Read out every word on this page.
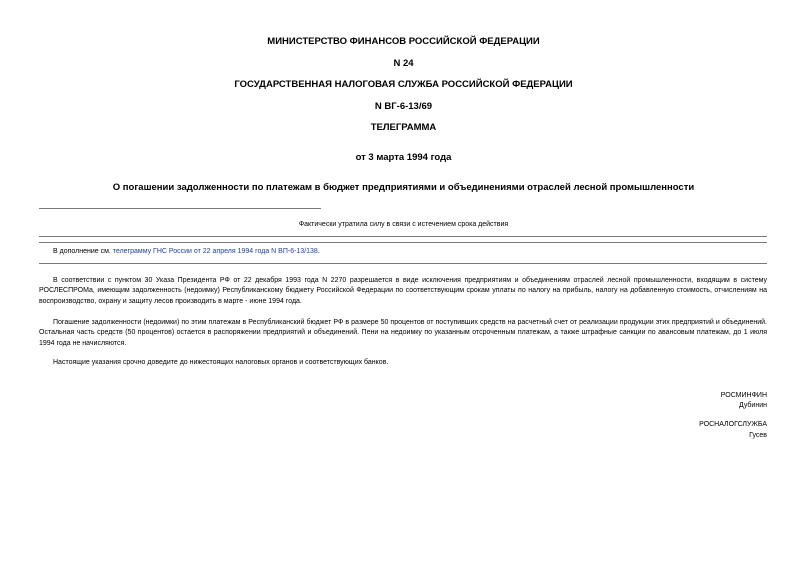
МИНИСТЕРСТВО ФИНАНСОВ РОССИЙСКОЙ ФЕДЕРАЦИИ
N 24
ГОСУДАРСТВЕННАЯ НАЛОГОВАЯ СЛУЖБА РОССИЙСКОЙ ФЕДЕРАЦИИ
N ВГ-6-13/69
ТЕЛЕГРАММА
от 3 марта 1994 года
О погашении задолженности по платежам в бюджет предприятиями и объединениями отраслей лесной промышленности
Фактически утратила силу в связи с истечением срока действия
В дополнение см. телеграмму ГНС России от 22 апреля 1994 года N ВП-6-13/138.
В соответствии с пунктом 30 Указа Президента РФ от 22 декабря 1993 года N 2270 разрешается в виде исключения предприятиям и объединениям отраслей лесной промышленности, входящим в систему РОСЛЕСПРОМа, имеющим задолженность (недоимку) Республиканскому бюджету Российской Федерации по соответствующим срокам уплаты по налогу на прибыль, налогу на добавленную стоимость, отчислениям на воспроизводство, охрану и защиту лесов производить в марте - июне 1994 года.
Погашение задолженности (недоимки) по этим платежам в Республиканский бюджет РФ в размере 50 процентов от поступивших средств на расчетный счет от реализации продукции этих предприятий и объединений. Остальная часть средств (50 процентов) остается в распоряжении предприятий и объединений. Пени на недоимку по указанным отсроченным платежам, а также штрафные санкции по авансовым платежам, до 1 июля 1994 года не начисляются.
Настоящие указания срочно доведите до нижестоящих налоговых органов и соответствующих банков.
РОСМИНФИН
Дубинин
РОСНАЛОГСЛУЖБА
Гусев
